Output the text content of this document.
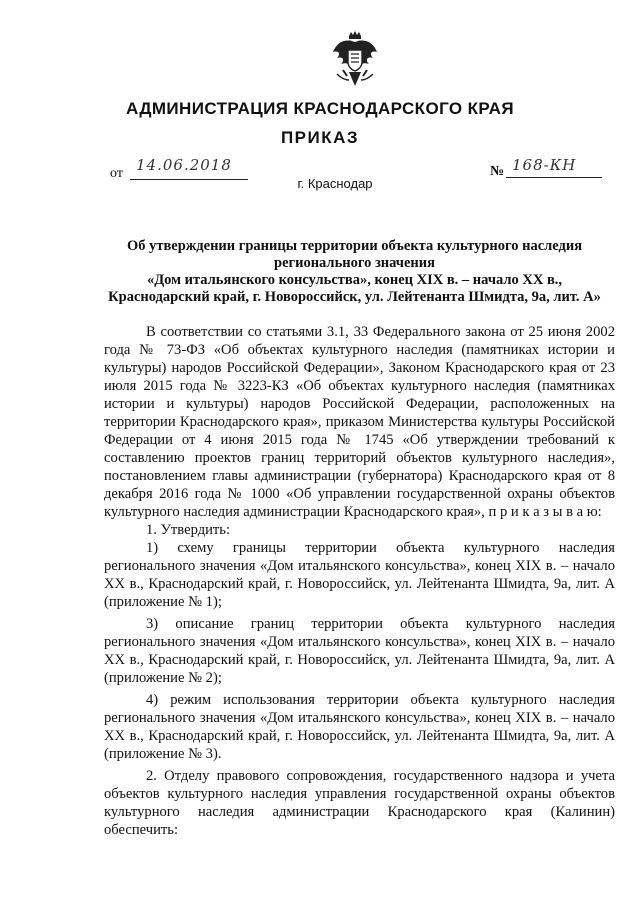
АДМИНИСТРАЦИЯ КРАСНОДАРСКОГО КРАЯ
ПРИКАЗ
от 14.06.2018	№ 168-КН
г. Краснодар
Об утверждении границы территории объекта культурного наследия
регионального значения
«Дом итальянского консульства», конец XIX в. – начало XX в.,
Краснодарский край, г. Новороссийск, ул. Лейтенанта Шмидта, 9а, лит. А»

В соответствии со статьями 3.1, 33 Федерального закона от 25 июня 2002 года № 73-ФЗ «Об объектах культурного наследия (памятниках истории и культуры) народов Российской Федерации», Законом Краснодарского края от 23 июля 2015 года № 3223-КЗ «Об объектах культурного наследия (памятниках истории и культуры) народов Российской Федерации, расположенных на территории Краснодарского края», приказом Министерства культуры Российской Федерации от 4 июня 2015 года № 1745 «Об утверждении требований к составлению проектов границ территорий объектов культурного наследия», постановлением главы администрации (губернатора) Краснодарского края от 8 декабря 2016 года № 1000 «Об управлении государственной охраны объектов культурного наследия администрации Краснодарского края», п р и к а з ы в а ю:

1. Утвердить:

1) схему границы территории объекта культурного наследия регионального значения «Дом итальянского консульства», конец XIX в. – начало XX в., Краснодарский край, г. Новороссийск, ул. Лейтенанта Шмидта, 9а, лит. А (приложение № 1);

3) описание границ территории объекта культурного наследия регионального значения «Дом итальянского консульства», конец XIX в. – начало XX в., Краснодарский край, г. Новороссийск, ул. Лейтенанта Шмидта, 9а, лит. А (приложение № 2);

4) режим использования территории объекта культурного наследия регионального значения «Дом итальянского консульства», конец XIX в. – начало XX в., Краснодарский край, г. Новороссийск, ул. Лейтенанта Шмидта, 9а, лит. А (приложение № 3).

2. Отделу правового сопровождения, государственного надзора и учета объектов культурного наследия управления государственной охраны объектов культурного наследия администрации Краснодарского края (Калинин) обеспечить:
